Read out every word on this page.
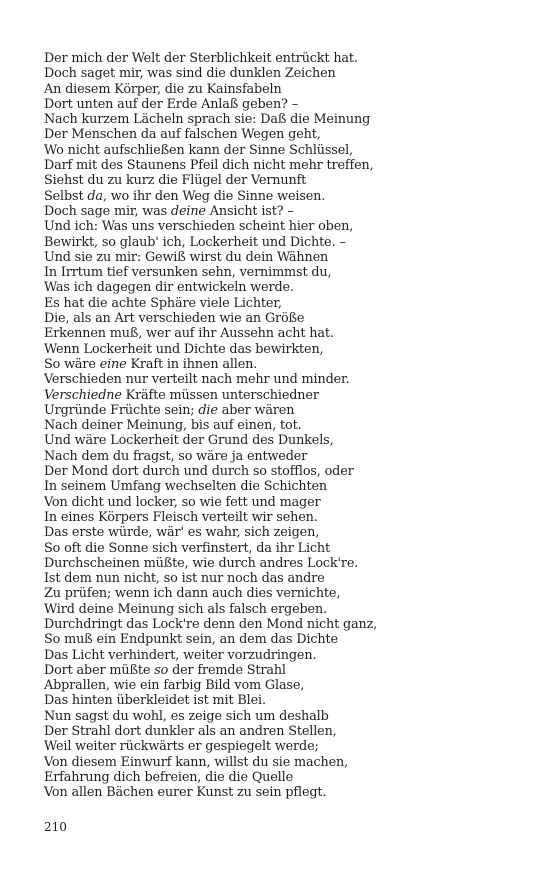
Der mich der Welt der Sterblichkeit entrückt hat.
Doch saget mir, was sind die dunklen Zeichen
An diesem Körper, die zu Kainsfabeln
Dort unten auf der Erde Anlaß geben? –
Nach kurzem Lächeln sprach sie: Daß die Meinung
Der Menschen da auf falschen Wegen geht,
Wo nicht aufschließen kann der Sinne Schlüssel,
Darf mit des Staunens Pfeil dich nicht mehr treffen,
Siehst du zu kurz die Flügel der Vernunft
Selbst da, wo ihr den Weg die Sinne weisen.
Doch sage mir, was deine Ansicht ist? –
Und ich: Was uns verschieden scheint hier oben,
Bewirkt, so glaub' ich, Lockerheit und Dichte. –
Und sie zu mir: Gewiß wirst du dein Wähnen
In Irrtum tief versunken sehn, vernimmst du,
Was ich dagegen dir entwickeln werde.
Es hat die achte Sphäre viele Lichter,
Die, als an Art verschieden wie an Größe
Erkennen muß, wer auf ihr Aussehn acht hat.
Wenn Lockerheit und Dichte das bewirkten,
So wäre eine Kraft in ihnen allen.
Verschieden nur verteilt nach mehr und minder.
Verschiedne Kräfte müssen unterschiedner
Urgründe Früchte sein; die aber wären
Nach deiner Meinung, bis auf einen, tot.
Und wäre Lockerheit der Grund des Dunkels,
Nach dem du fragst, so wäre ja entweder
Der Mond dort durch und durch so stofflos, oder
In seinem Umfang wechselten die Schichten
Von dicht und locker, so wie fett und mager
In eines Körpers Fleisch verteilt wir sehen.
Das erste würde, wär' es wahr, sich zeigen,
So oft die Sonne sich verfinstert, da ihr Licht
Durchscheinen müßte, wie durch andres Lock're.
Ist dem nun nicht, so ist nur noch das andre
Zu prüfen; wenn ich dann auch dies vernichte,
Wird deine Meinung sich als falsch ergeben.
Durchdringt das Lock're denn den Mond nicht ganz,
So muß ein Endpunkt sein, an dem das Dichte
Das Licht verhindert, weiter vorzudringen.
Dort aber müßte so der fremde Strahl
Abprallen, wie ein farbig Bild vom Glase,
Das hinten überkleidet ist mit Blei.
Nun sagst du wohl, es zeige sich um deshalb
Der Strahl dort dunkler als an andren Stellen,
Weil weiter rückwärts er gespiegelt werde;
Von diesem Einwurf kann, willst du sie machen,
Erfahrung dich befreien, die die Quelle
Von allen Bächen eurer Kunst zu sein pflegt.
210
